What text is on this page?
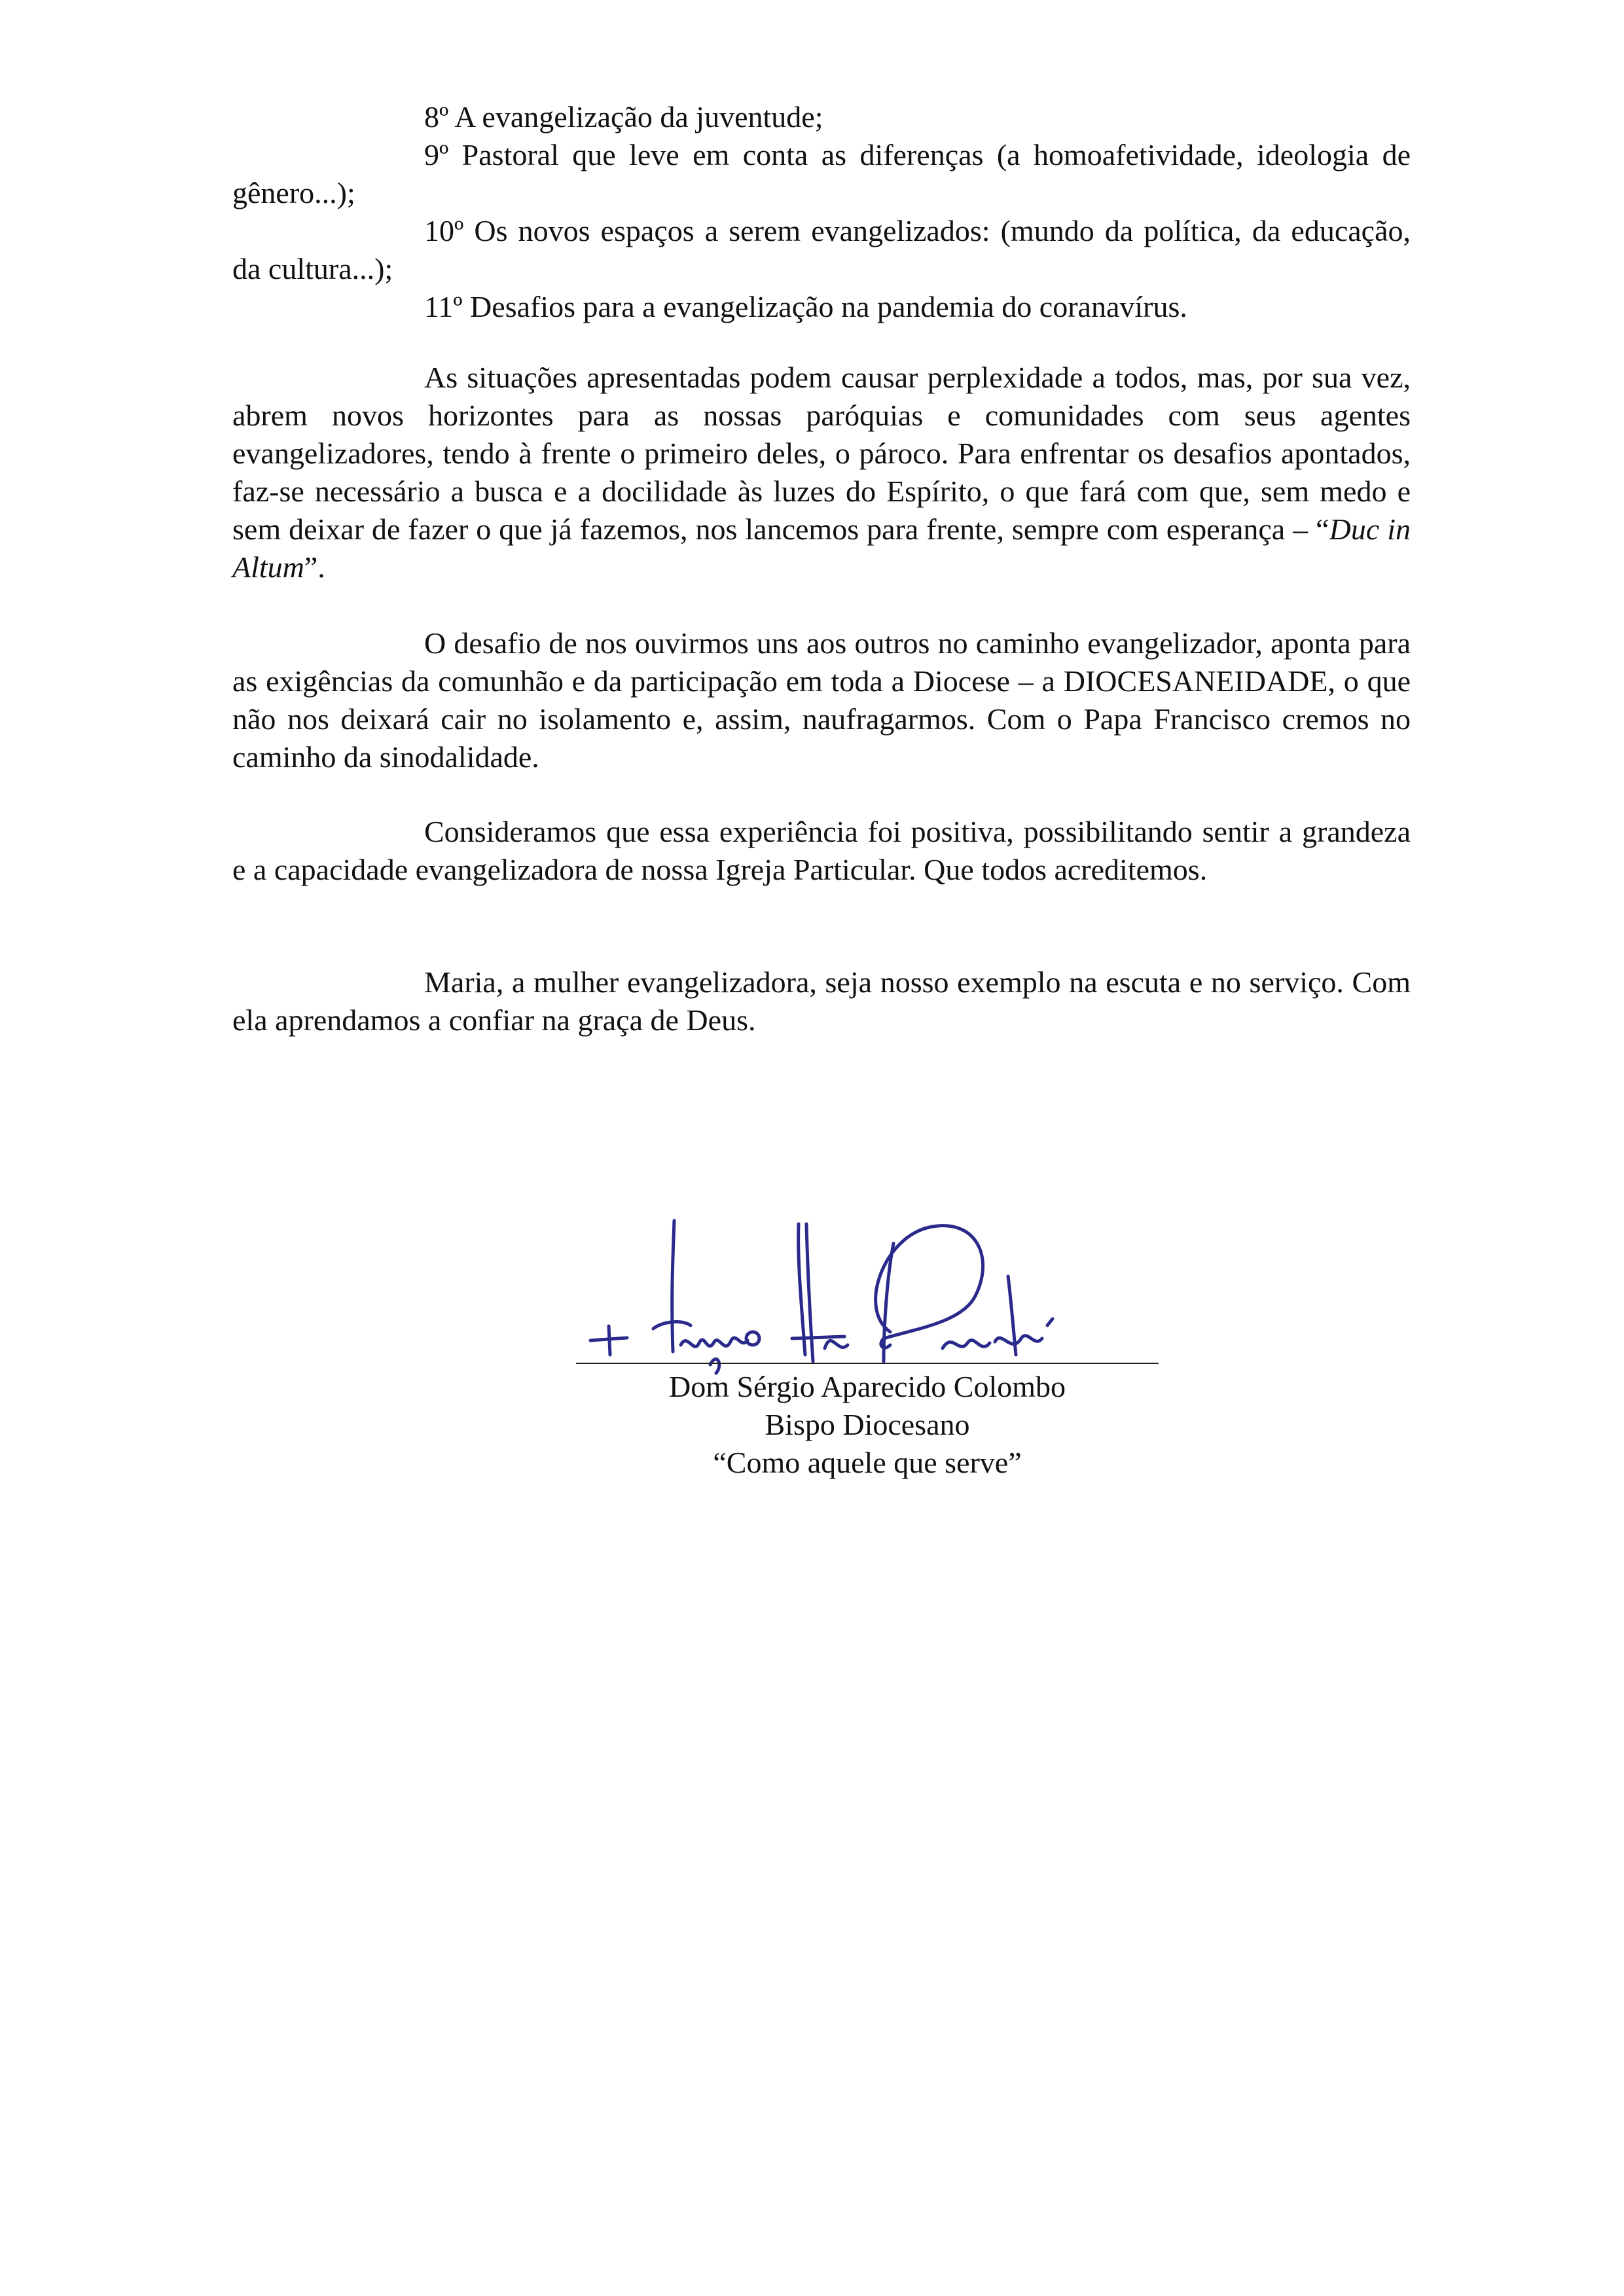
8º A evangelização da juventude;

9º Pastoral que leve em conta as diferenças (a homoafetividade, ideologia de gênero...);

10º Os novos espaços a serem evangelizados: (mundo da política, da educação, da cultura...);

11º Desafios para a evangelização na pandemia do coranavírus.

As situações apresentadas podem causar perplexidade a todos, mas, por sua vez, abrem novos horizontes para as nossas paróquias e comunidades com seus agentes evangelizadores, tendo à frente o primeiro deles, o pároco. Para enfrentar os desafios apontados, faz-se necessário a busca e a docilidade às luzes do Espírito, o que fará com que, sem medo e sem deixar de fazer o que já fazemos, nos lancemos para frente, sempre com esperança – “Duc in Altum”.

O desafio de nos ouvirmos uns aos outros no caminho evangelizador, aponta para as exigências da comunhão e da participação em toda a Diocese – a DIOCESANEIDADE, o que não nos deixará cair no isolamento e, assim, naufragarmos. Com o Papa Francisco cremos no caminho da sinodalidade.

Consideramos que essa experiência foi positiva, possibilitando sentir a grandeza e a capacidade evangelizadora de nossa Igreja Particular. Que todos acreditemos.

Maria, a mulher evangelizadora, seja nosso exemplo na escuta e no serviço. Com ela aprendamos a confiar na graça de Deus.

Dom Sérgio Aparecido Colombo
Bispo Diocesano
“Como aquele que serve”
